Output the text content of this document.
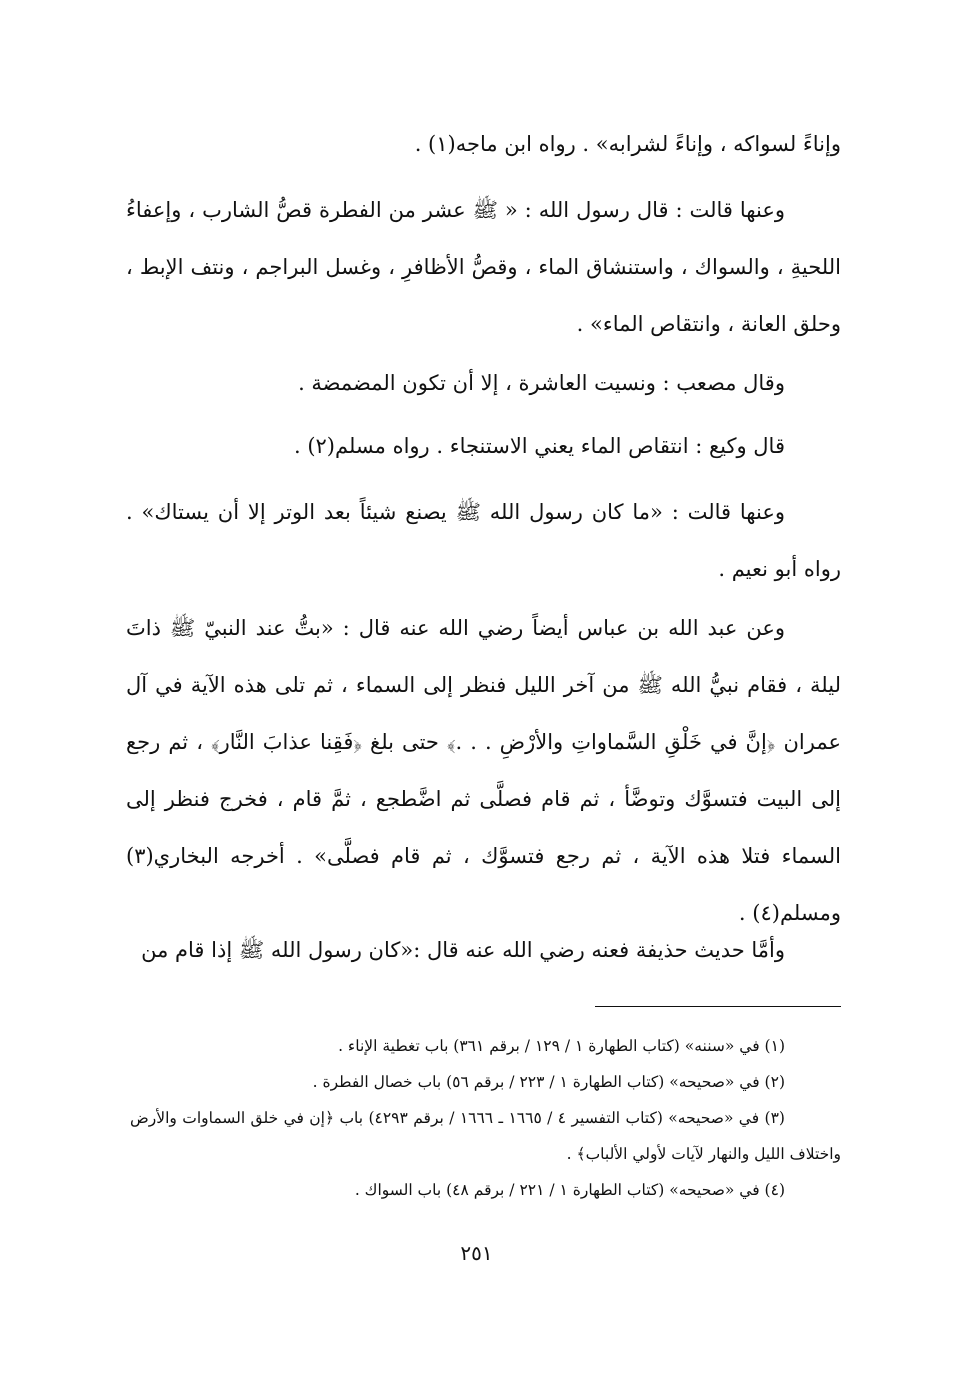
وإناءً لسواكه ، وإناءً لشرابه» . رواه ابن ماجه(١) .

وعنها قالت : قال رسول الله : « ﷺ عشر من الفطرة قصُّ الشارب ، وإعفاءُ اللحيةِ ، والسواك ، واستنشاق الماء ، وقصُّ الأظافرِ ، وغسل البراجم ، ونتف الإبط ، وحلق العانة ، وانتقاص الماء» .

وقال مصعب : ونسيت العاشرة ، إلا أن تكون المضمضة .

قال وكيع : انتقاص الماء يعني الاستنجاء . رواه مسلم(٢) .

وعنها قالت : «ما كان رسول الله ﷺ يصنع شيئاً بعد الوتر إلا أن يستاك» . رواه أبو نعيم .

وعن عبد الله بن عباس أيضاً رضي الله عنه قال : «بتُّ عند النبيّ ﷺ ذاتَ ليلة ، فقام نبيُّ الله ﷺ من آخر الليل فنظر إلى السماء ، ثم تلى هذه الآية في آل عمران ﴿إنَّ في خَلْقِ السَّماواتِ والأرْضِ . . .﴾ حتى بلغ ﴿فَقِنا عذابَ النَّار﴾ ، ثم رجع إلى البيت فتسوَّك وتوضَّأ ، ثم قام فصلَّى ثم اضَّطجع ، ثمَّ قام ، فخرج فنظر إلى السماء فتلا هذه الآية ، ثم رجع فتسوَّك ، ثم قام فصلَّى» . أخرجه البخاري(٣) ومسلم(٤) .

وأمَّا حديث حذيفة فعنه رضي الله عنه قال :«كان رسول الله ﷺ إذا قام من

(١) في «سننه» (كتاب الطهارة ١ / ١٢٩ / برقم ٣٦١) باب تغطية الإناء .

(٢) في «صحيحه» (كتاب الطهارة ١ / ٢٢٣ / برقم ٥٦) باب خصال الفطرة .

(٣) في «صحيحه» (كتاب التفسير ٤ / ١٦٦٥ ـ ١٦٦٦ / برقم ٤٢٩٣) باب ﴿إن في خلق السماوات والأرض واختلاف الليل والنهار لآيات لأولي الألباب﴾ .

(٤) في «صحيحه» (كتاب الطهارة ١ / ٢٢١ / برقم ٤٨) باب السواك .

٢٥١
